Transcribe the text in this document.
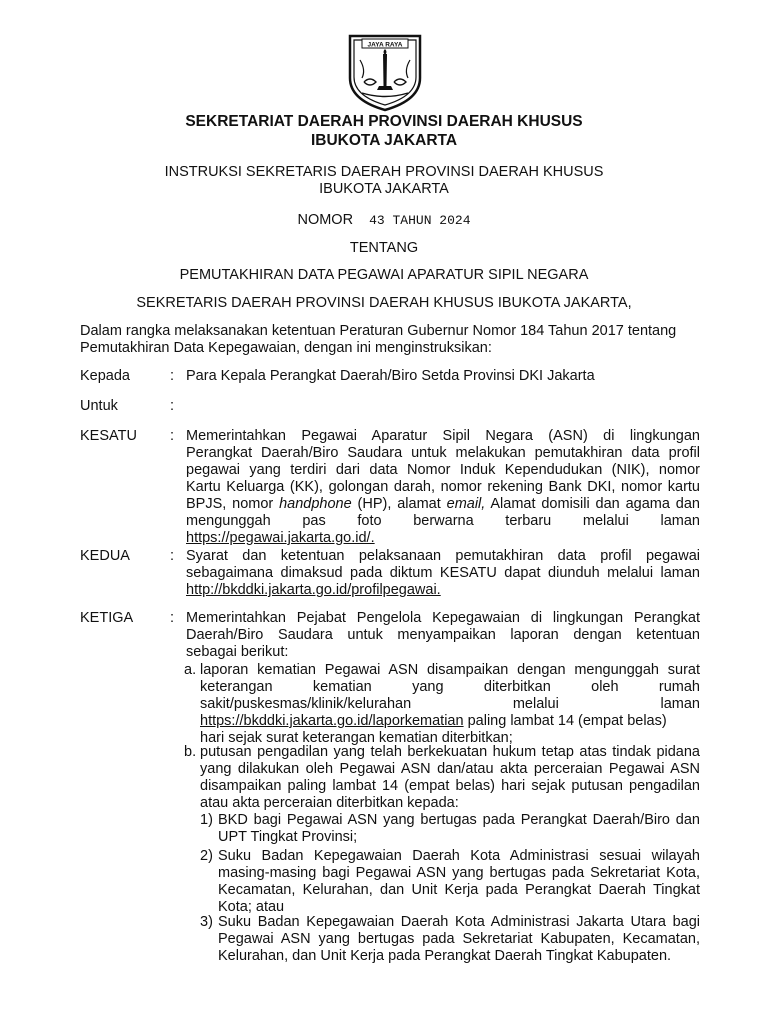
JAYA RAYA
SEKRETARIAT DAERAH PROVINSI DAERAH KHUSUS
IBUKOTA JAKARTA
INSTRUKSI SEKRETARIS DAERAH PROVINSI DAERAH KHUSUS
IBUKOTA JAKARTA
NOMOR 43 TAHUN 2024
TENTANG
PEMUTAKHIRAN DATA PEGAWAI APARATUR SIPIL NEGARA
SEKRETARIS DAERAH PROVINSI DAERAH KHUSUS IBUKOTA JAKARTA,
Dalam rangka melaksanakan ketentuan Peraturan Gubernur Nomor 184 Tahun 2017 tentang
Pemutakhiran Data Kepegawaian, dengan ini menginstruksikan:
Kepada	: Para Kepala Perangkat Daerah/Biro Setda Provinsi DKI Jakarta
Untuk	:
KESATU	: Memerintahkan Pegawai Aparatur Sipil Negara (ASN) di lingkungan

Perangkat Daerah/Biro Saudara untuk melakukan pemutakhiran data profil

pegawai yang terdiri dari data Nomor Induk Kependudukan (NIK), nomor

Kartu Keluarga (KK), golongan darah, nomor rekening Bank DKI, nomor kartu

BPJS, nomor handphone (HP), alamat email, Alamat domisili dan agama dan

mengunggah pas foto berwarna terbaru melalui laman

https://pegawai.jakarta.go.id/.

KEDUA	: Syarat dan ketentuan pelaksanaan pemutakhiran data profil pegawai

sebagaimana dimaksud pada diktum KESATU dapat diunduh melalui laman

http://bkddki.jakarta.go.id/profilpegawai.

KETIGA	: Memerintahkan Pejabat Pengelola Kepegawaian di lingkungan Perangkat

Daerah/Biro Saudara untuk menyampaikan laporan dengan ketentuan

sebagai berikut:

a. laporan kematian Pegawai ASN disampaikan dengan mengunggah surat

keterangan kematian yang diterbitkan oleh rumah

sakit/puskesmas/klinik/kelurahan melalui laman

https://bkddki.jakarta.go.id/laporkematian paling lambat 14 (empat belas)

hari sejak surat keterangan kematian diterbitkan;

b. putusan pengadilan yang telah berkekuatan hukum tetap atas tindak pidana

yang dilakukan oleh Pegawai ASN dan/atau akta perceraian Pegawai ASN

disampaikan paling lambat 14 (empat belas) hari sejak putusan pengadilan

atau akta perceraian diterbitkan kepada:

1) BKD bagi Pegawai ASN yang bertugas pada Perangkat Daerah/Biro dan

UPT Tingkat Provinsi;

2) Suku Badan Kepegawaian Daerah Kota Administrasi sesuai wilayah

masing-masing bagi Pegawai ASN yang bertugas pada Sekretariat Kota,

Kecamatan, Kelurahan, dan Unit Kerja pada Perangkat Daerah Tingkat

Kota; atau

3) Suku Badan Kepegawaian Daerah Kota Administrasi Jakarta Utara bagi

Pegawai ASN yang bertugas pada Sekretariat Kabupaten, Kecamatan,

Kelurahan, dan Unit Kerja pada Perangkat Daerah Tingkat Kabupaten.
